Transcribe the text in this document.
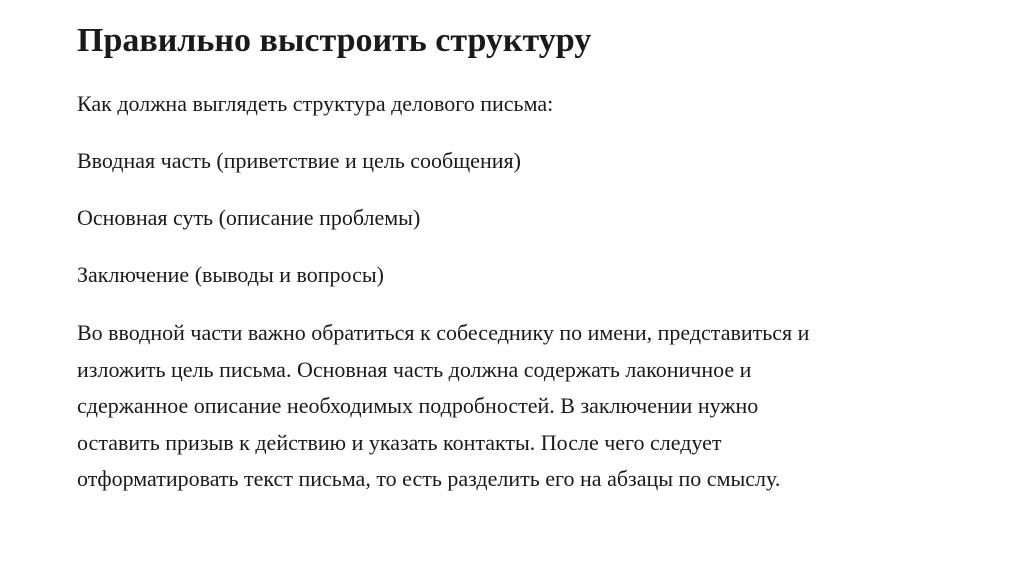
Правильно выстроить структуру

Как должна выглядеть структура делового письма:

Вводная часть (приветствие и цель сообщения)

Основная суть (описание проблемы)

Заключение (выводы и вопросы)

Во вводной части важно обратиться к собеседнику по имени, представиться и
изложить цель письма. Основная часть должна содержать лаконичное и
сдержанное описание необходимых подробностей. В заключении нужно
оставить призыв к действию и указать контакты. После чего следует
отформатировать текст письма, то есть разделить его на абзацы по смыслу.
